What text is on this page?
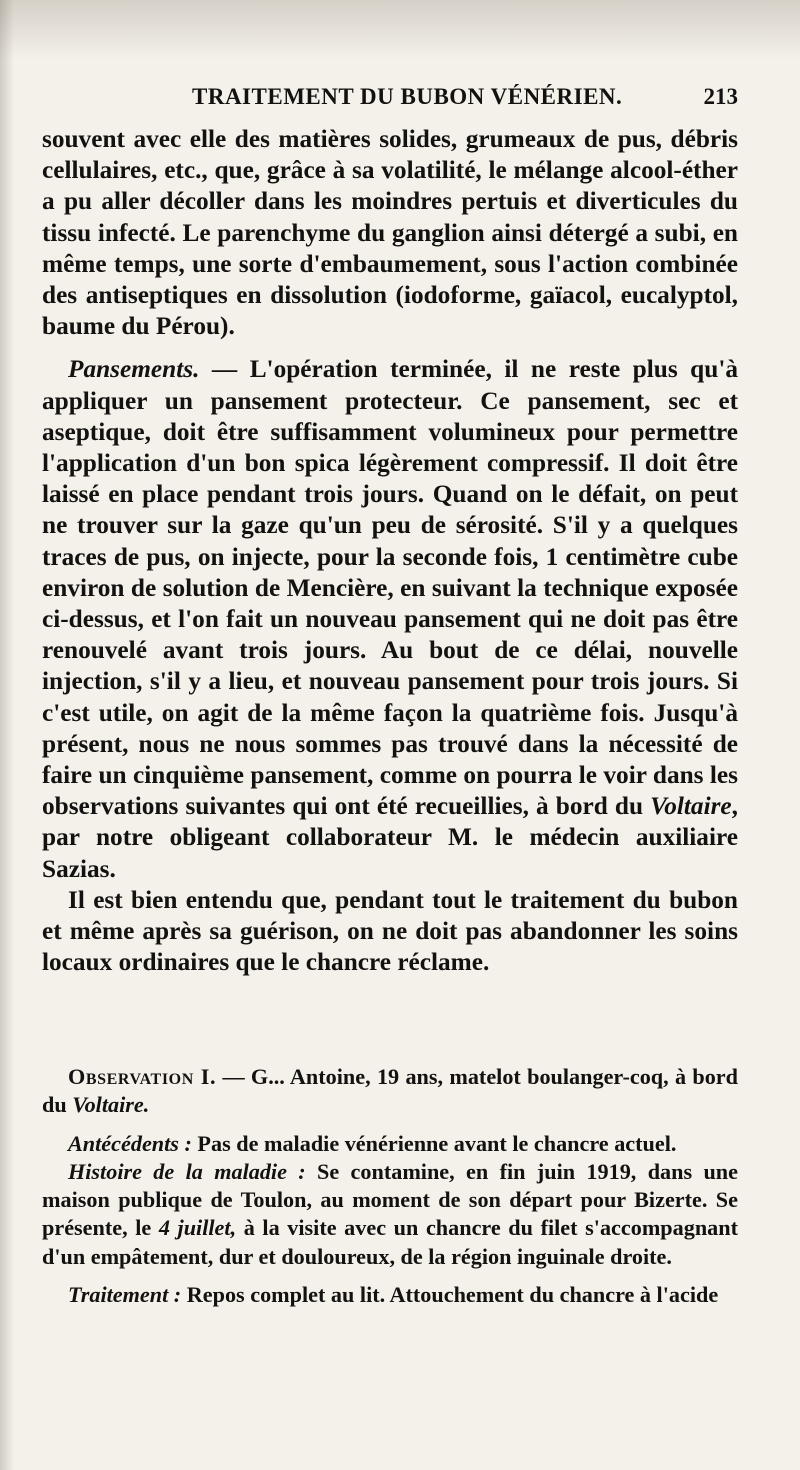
TRAITEMENT DU BUBON VÉNÉRIEN.	213

souvent avec elle des matières solides, grumeaux de pus, débris cellulaires, etc., que, grâce à sa volatilité, le mélange alcool-éther a pu aller décoller dans les moindres pertuis et diverticules du tissu infecté. Le parenchyme du ganglion ainsi détergé a subi, en même temps, une sorte d'embaumement, sous l'action combinée des antiseptiques en dissolution (iodoforme, gaïacol, eucalyptol, baume du Pérou).

Pansements. — L'opération terminée, il ne reste plus qu'à appliquer un pansement protecteur. Ce pansement, sec et aseptique, doit être suffisamment volumineux pour permettre l'application d'un bon spica légèrement compressif. Il doit être laissé en place pendant trois jours. Quand on le défait, on peut ne trouver sur la gaze qu'un peu de sérosité. S'il y a quelques traces de pus, on injecte, pour la seconde fois, 1 centimètre cube environ de solution de Mencière, en suivant la technique exposée ci-dessus, et l'on fait un nouveau pansement qui ne doit pas être renouvelé avant trois jours. Au bout de ce délai, nouvelle injection, s'il y a lieu, et nouveau pansement pour trois jours. Si c'est utile, on agit de la même façon la quatrième fois. Jusqu'à présent, nous ne nous sommes pas trouvé dans la nécessité de faire un cinquième pansement, comme on pourra le voir dans les observations suivantes qui ont été recueillies, à bord du Voltaire, par notre obligeant collaborateur M. le médecin auxiliaire Sazias.

Il est bien entendu que, pendant tout le traitement du bubon et même après sa guérison, on ne doit pas abandonner les soins locaux ordinaires que le chancre réclame.

Observation I. — G... Antoine, 19 ans, matelot boulanger-coq, à bord du Voltaire.

Antécédents : Pas de maladie vénérienne avant le chancre actuel.

Histoire de la maladie : Se contamine, en fin juin 1919, dans une maison publique de Toulon, au moment de son départ pour Bizerte. Se présente, le 4 juillet, à la visite avec un chancre du filet s'accompagnant d'un empâtement, dur et douloureux, de la région inguinale droite.

Traitement : Repos complet au lit. Attouchement du chancre à l'acide
